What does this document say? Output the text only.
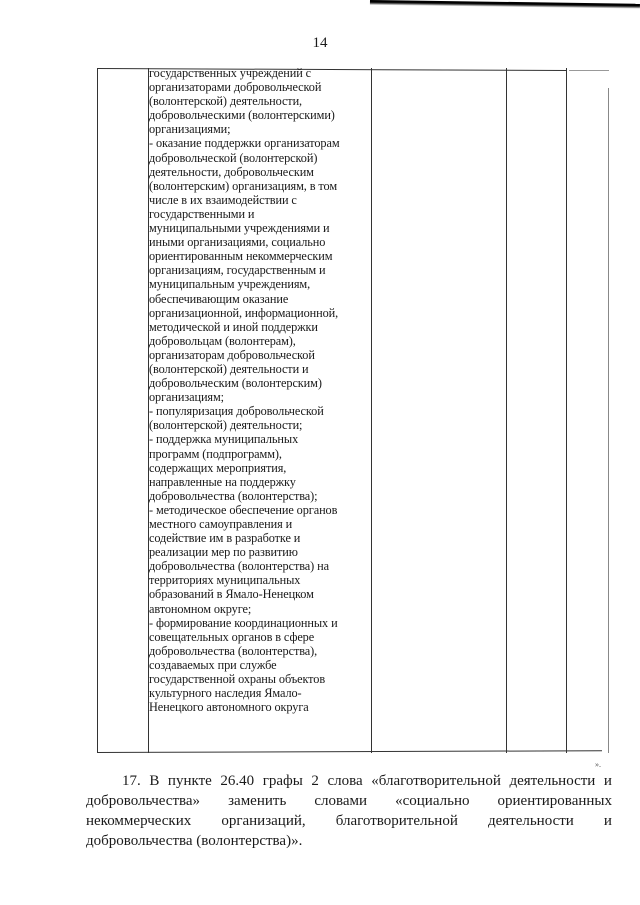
14
государственных учреждений с
организаторами добровольческой
(волонтерской) деятельности,
добровольческими (волонтерскими)
организациями;
- оказание поддержки организаторам
добровольческой (волонтерской)
деятельности, добровольческим
(волонтерским) организациям, в том
числе в их взаимодействии с
государственными и
муниципальными учреждениями и
иными организациями, социально
ориентированным некоммерческим
организациям, государственным и
муниципальным учреждениям,
обеспечивающим оказание
организационной, информационной,
методической и иной поддержки
добровольцам (волонтерам),
организаторам добровольческой
(волонтерской) деятельности и
добровольческим (волонтерским)
организациям;
- популяризация добровольческой
(волонтерской) деятельности;
- поддержка муниципальных
программ (подпрограмм),
содержащих мероприятия,
направленные на поддержку
добровольчества (волонтерства);
- методическое обеспечение органов
местного самоуправления и
содействие им в разработке и
реализации мер по развитию
добровольчества (волонтерства) на
территориях муниципальных
образований в Ямало-Ненецком
автономном округе;
- формирование координационных и
совещательных органов в сфере
добровольчества (волонтерства),
создаваемых при службе
государственной охраны объектов
культурного наследия Ямало-
Ненецкого автономного округа
».
17. В пункте 26.40 графы 2 слова «благотворительной деятельности и
добровольчества» заменить словами «социально ориентированных
некоммерческих организаций, благотворительной деятельности и
добровольчества (волонтерства)».
